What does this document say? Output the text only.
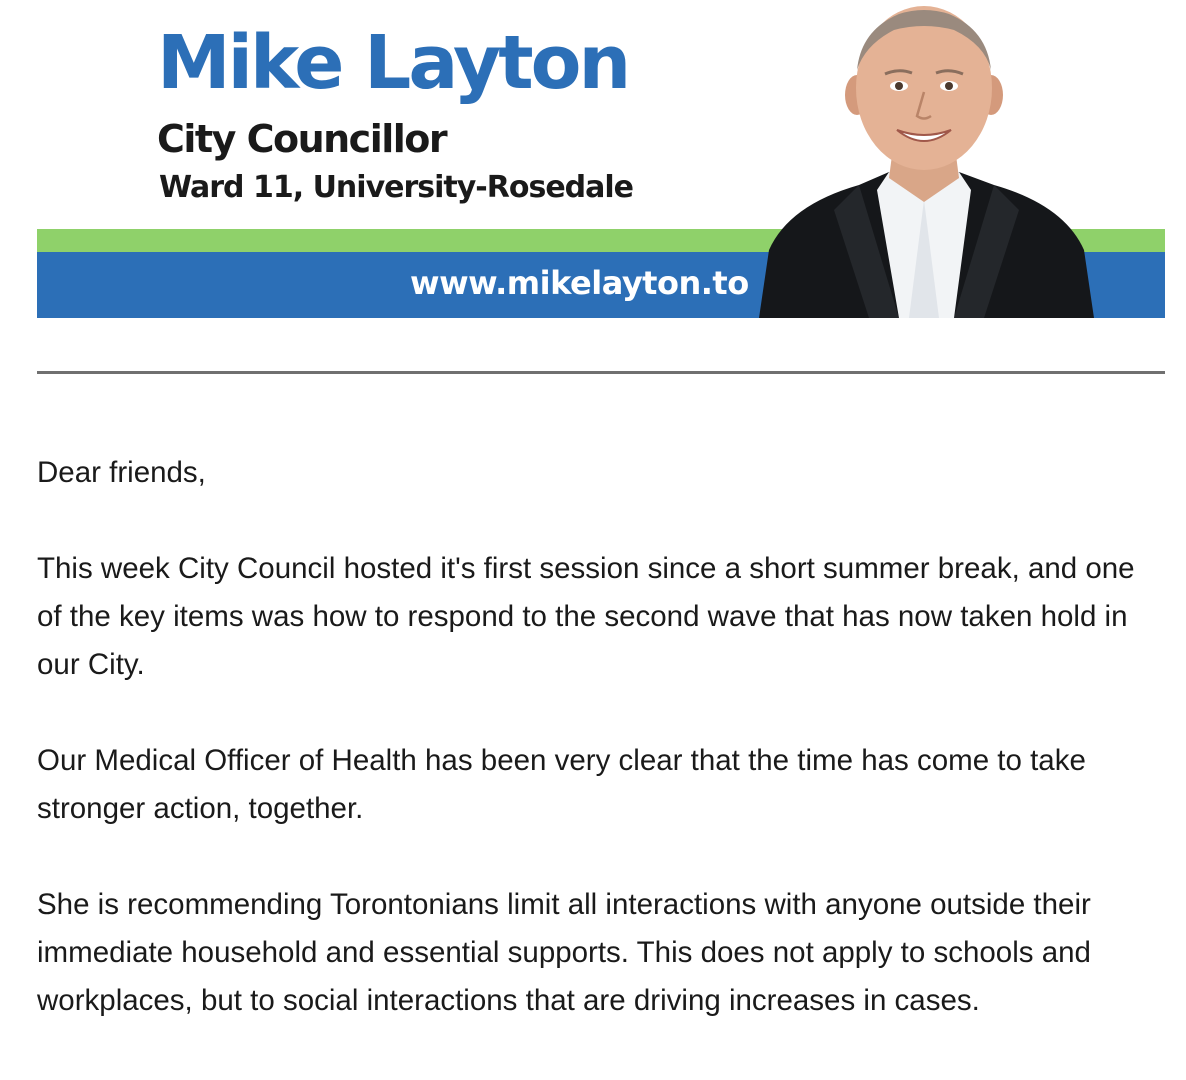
Mike Layton
City Councillor
Ward 11, University-Rosedale
www.mikelayton.to

Dear friends,

This week City Council hosted it's first session since a short summer break, and one of the key items was how to respond to the second wave that has now taken hold in our City.

Our Medical Officer of Health has been very clear that the time has come to take stronger action, together.

She is recommending Torontonians limit all interactions with anyone outside their immediate household and essential supports. This does not apply to schools and workplaces, but to social interactions that are driving increases in cases.
